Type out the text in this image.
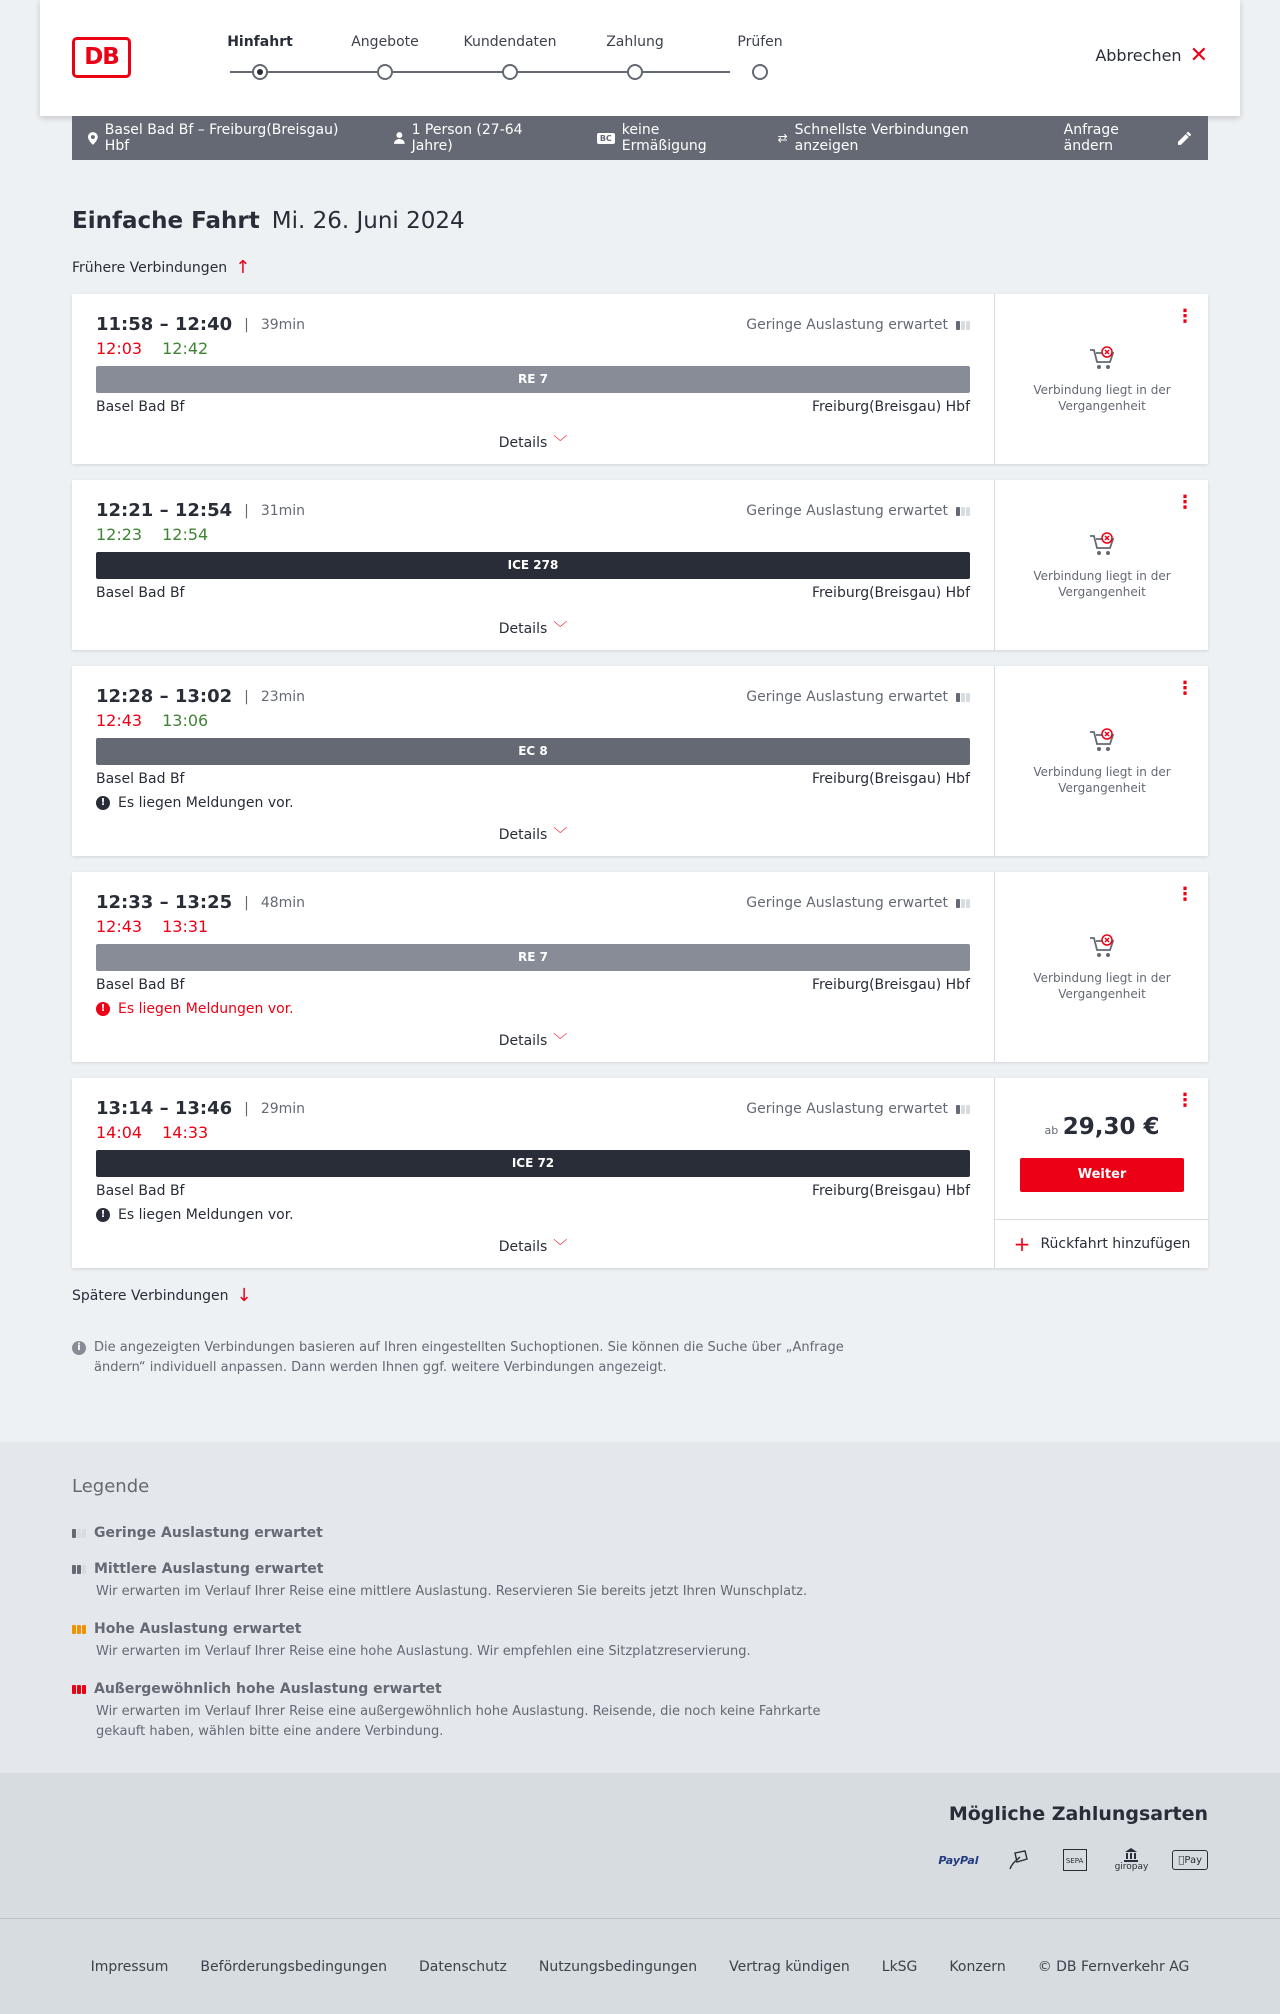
DB
Hinfahrt	Angebote	Kundendaten	Zahlung	Prüfen
Abbrechen ✕
Basel Bad Bf – Freiburg(Breisgau) Hbf
1 Person (27-64 Jahre)	BC keine Ermäßigung	⇄ Schnellste Verbindungen anzeigen
Anfrage ändern
Einfache Fahrt Mi. 26. Juni 2024
Frühere Verbindungen ↑
11:58 – 12:40 | 39min
12:03 12:42
Geringe Auslastung erwartet
RE 7
Basel Bad Bf	Freiburg(Breisgau) Hbf
Details ﹀
⋮
Verbindung liegt in der Vergangenheit
12:21 – 12:54 | 31min
12:23 12:54
Geringe Auslastung erwartet
ICE 278
Basel Bad Bf	Freiburg(Breisgau) Hbf
Details ﹀
⋮
Verbindung liegt in der Vergangenheit
12:28 – 13:02 | 23min
12:43 13:06
Geringe Auslastung erwartet
EC 8
Basel Bad Bf	Freiburg(Breisgau) Hbf
! Es liegen Meldungen vor.
Details ﹀
⋮
Verbindung liegt in der Vergangenheit
12:33 – 13:25 | 48min
12:43 13:31
Geringe Auslastung erwartet
RE 7
Basel Bad Bf	Freiburg(Breisgau) Hbf
! Es liegen Meldungen vor.
Details ﹀
⋮
Verbindung liegt in der Vergangenheit
13:14 – 13:46 | 29min
14:04 14:33
Geringe Auslastung erwartet
ICE 72
Basel Bad Bf	Freiburg(Breisgau) Hbf
! Es liegen Meldungen vor.
Details ﹀
⋮
ab 29,30 €
Weiter
+ Rückfahrt hinzufügen
Spätere Verbindungen ↓
i	Die angezeigten Verbindungen basieren auf Ihren eingestellten Suchoptionen. Sie können die Suche über „Anfrage ändern“ individuell anpassen. Dann werden Ihnen ggf. weitere Verbindungen angezeigt.
Legende
Geringe Auslastung erwartet
Mittlere Auslastung erwartet
Wir erwarten im Verlauf Ihrer Reise eine mittlere Auslastung. Reservieren Sie bereits jetzt Ihren Wunschplatz.
Hohe Auslastung erwartet
Wir erwarten im Verlauf Ihrer Reise eine hohe Auslastung. Wir empfehlen eine Sitzplatzreservierung.
Außergewöhnlich hohe Auslastung erwartet
Wir erwarten im Verlauf Ihrer Reise eine außergewöhnlich hohe Auslastung. Reisende, die noch keine Fahrkarte gekauft haben, wählen bitte eine andere Verbindung.
Mögliche Zahlungsarten
PayPal	SEPA
giropay
Pay
Impressum Beförderungsbedingungen Datenschutz Nutzungsbedingungen Vertrag kündigen LkSG Konzern © DB Fernverkehr AG
